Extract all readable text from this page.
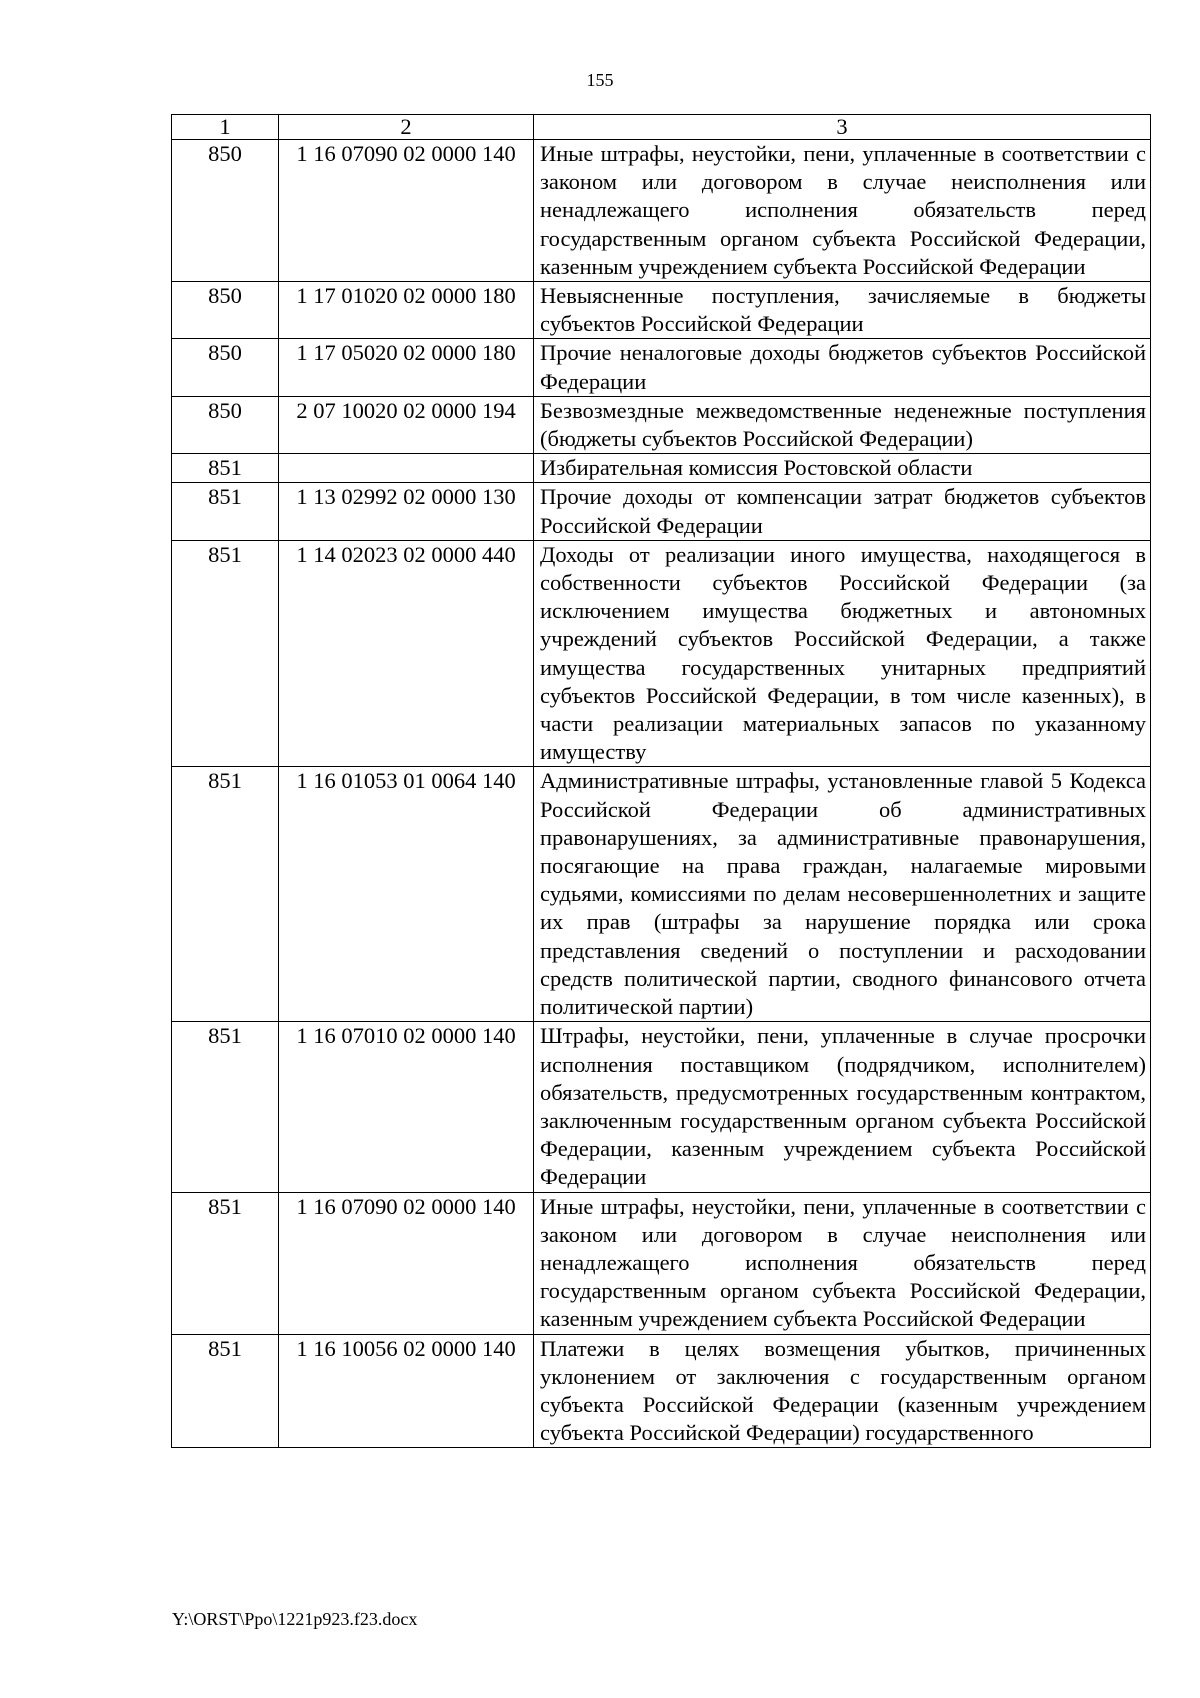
155
1	2	3
850	1 16 07090 02 0000 140	Иные штрафы, неустойки, пени, уплаченные в соответствии с законом или договором в случае неисполнения или ненадлежащего исполнения обязательств перед государственным органом субъекта Российской Федерации, казенным учреждением субъекта Российской Федерации
850	1 17 01020 02 0000 180	Невыясненные поступления, зачисляемые в бюджеты субъектов Российской Федерации
850	1 17 05020 02 0000 180	Прочие неналоговые доходы бюджетов субъектов Российской Федерации
850	2 07 10020 02 0000 194	Безвозмездные межведомственные неденежные поступления (бюджеты субъектов Российской Федерации)
851		Избирательная комиссия Ростовской области
851	1 13 02992 02 0000 130	Прочие доходы от компенсации затрат бюджетов субъектов Российской Федерации
851	1 14 02023 02 0000 440	Доходы от реализации иного имущества, находящегося в собственности субъектов Российской Федерации (за исключением имущества бюджетных и автономных учреждений субъектов Российской Федерации, а также имущества государственных унитарных предприятий субъектов Российской Федерации, в том числе казенных), в части реализации материальных запасов по указанному имуществу
851	1 16 01053 01 0064 140	Административные штрафы, установленные главой 5 Кодекса Российской Федерации об административных правонарушениях, за административные правонарушения, посягающие на права граждан, налагаемые мировыми судьями, комиссиями по делам несовершеннолетних и защите их прав (штрафы за нарушение порядка или срока представления сведений о поступлении и расходовании средств политической партии, сводного финансового отчета политической партии)
851	1 16 07010 02 0000 140	Штрафы, неустойки, пени, уплаченные в случае просрочки исполнения поставщиком (подрядчиком, исполнителем) обязательств, предусмотренных государственным контрактом, заключенным государственным органом субъекта Российской Федерации, казенным учреждением субъекта Российской Федерации
851	1 16 07090 02 0000 140	Иные штрафы, неустойки, пени, уплаченные в соответствии с законом или договором в случае неисполнения или ненадлежащего исполнения обязательств перед государственным органом субъекта Российской Федерации, казенным учреждением субъекта Российской Федерации
851	1 16 10056 02 0000 140	Платежи в целях возмещения убытков, причиненных уклонением от заключения с государственным органом субъекта Российской Федерации (казенным учреждением субъекта Российской Федерации) государственного
Y:\ORST\Ppo\1221p923.f23.docx
